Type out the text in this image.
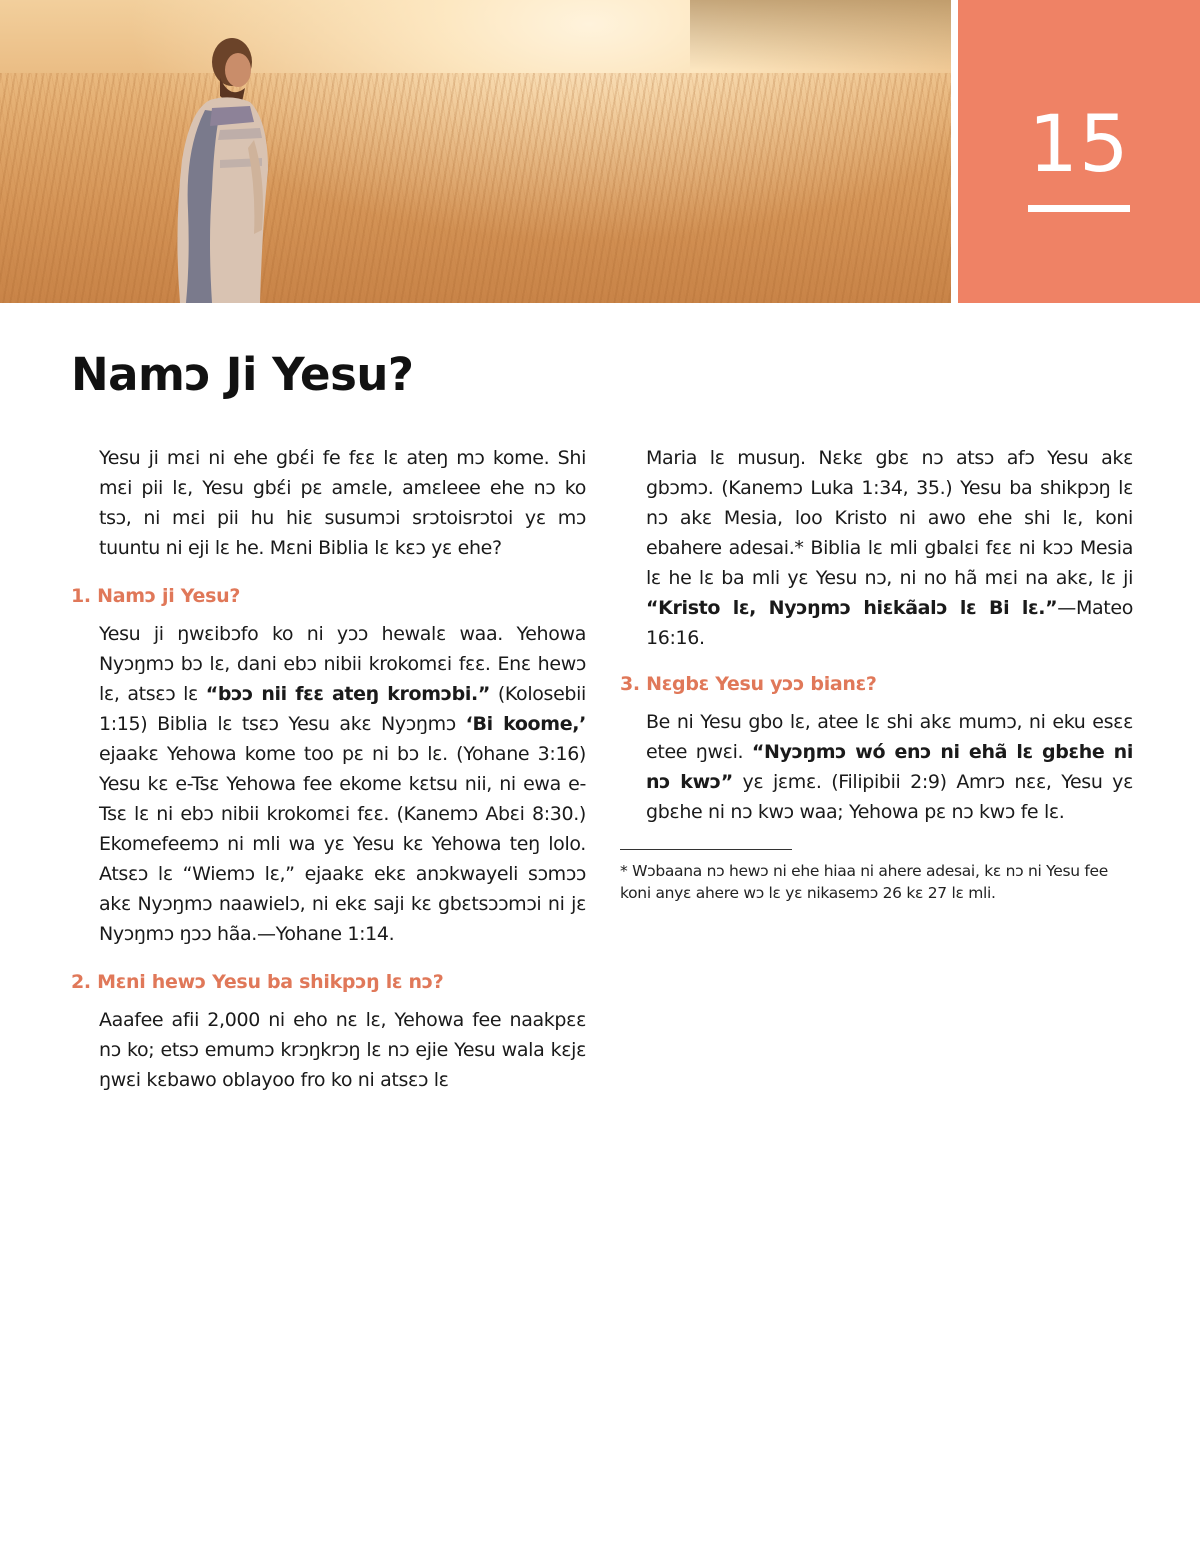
15
Namɔ Ji Yesu?

Yesu ji mɛi ni ehe gbɛ́i fe fɛɛ lɛ ateŋ mɔ kome. Shi mɛi pii lɛ, Yesu gbɛ́i pɛ amɛle, amɛleee ehe nɔ ko tsɔ, ni mɛi pii hu hiɛ susumɔi srɔtoisrɔtoi yɛ mɔ tuuntu ni eji lɛ he. Mɛni Biblia lɛ kɛɔ yɛ ehe?

1. Namɔ ji Yesu?

Yesu ji ŋwɛibɔfo ko ni yɔɔ hewalɛ waa. Yehowa Nyɔŋmɔ bɔ lɛ, dani ebɔ nibii krokomɛi fɛɛ. Enɛ hewɔ lɛ, atsɛɔ lɛ “bɔɔ nii fɛɛ ateŋ kromɔbi.” (Kolosebii 1:15) Biblia lɛ tsɛɔ Yesu akɛ Nyɔŋmɔ ‘Bi koome,’ ejaakɛ Yehowa kome too pɛ ni bɔ lɛ. (Yohane 3:16) Yesu kɛ e-Tsɛ Yehowa fee ekome kɛtsu nii, ni ewa e-Tsɛ lɛ ni ebɔ nibii krokomɛi fɛɛ. (Kanemɔ Abɛi 8:30.) Ekomefeemɔ ni mli wa yɛ Yesu kɛ Yehowa teŋ lolo. Atsɛɔ lɛ “Wiemɔ lɛ,” ejaakɛ ekɛ anɔkwayeli sɔmɔɔ akɛ Nyɔŋmɔ naawielɔ, ni ekɛ saji kɛ gbɛtsɔɔmɔi ni jɛ Nyɔŋmɔ ŋɔɔ hãa.—Yohane 1:14.

2. Mɛni hewɔ Yesu ba shikpɔŋ lɛ nɔ?

Aaafee afii 2,000 ni eho nɛ lɛ, Yehowa fee naakpɛɛ nɔ ko; etsɔ emumɔ krɔŋkrɔŋ lɛ nɔ ejie Yesu wala kɛjɛ ŋwɛi kɛbawo oblayoo fro ko ni atsɛɔ lɛ

Maria lɛ musuŋ. Nɛkɛ gbɛ nɔ atsɔ afɔ Yesu akɛ gbɔmɔ. (Kanemɔ Luka 1:34, 35.) Yesu ba shikpɔŋ lɛ nɔ akɛ Mesia, loo Kristo ni awo ehe shi lɛ, koni ebahere adesai.* Biblia lɛ mli gbalɛi fɛɛ ni kɔɔ Mesia lɛ he lɛ ba mli yɛ Yesu nɔ, ni no hã mɛi na akɛ, lɛ ji “Kristo lɛ, Nyɔŋmɔ hiɛkãalɔ lɛ Bi lɛ.”—Mateo 16:16.

3. Nɛgbɛ Yesu yɔɔ bianɛ?

Be ni Yesu gbo lɛ, atee lɛ shi akɛ mumɔ, ni eku esɛɛ etee ŋwɛi. “Nyɔŋmɔ wó enɔ ni ehã lɛ gbɛhe ni nɔ kwɔ” yɛ jɛmɛ. (Filipibii 2:9) Amrɔ nɛɛ, Yesu yɛ gbɛhe ni nɔ kwɔ waa; Yehowa pɛ nɔ kwɔ fe lɛ.

* Wɔbaana nɔ hewɔ ni ehe hiaa ni ahere adesai, kɛ nɔ ni Yesu fee koni anyɛ ahere wɔ lɛ yɛ nikasemɔ 26 kɛ 27 lɛ mli.
